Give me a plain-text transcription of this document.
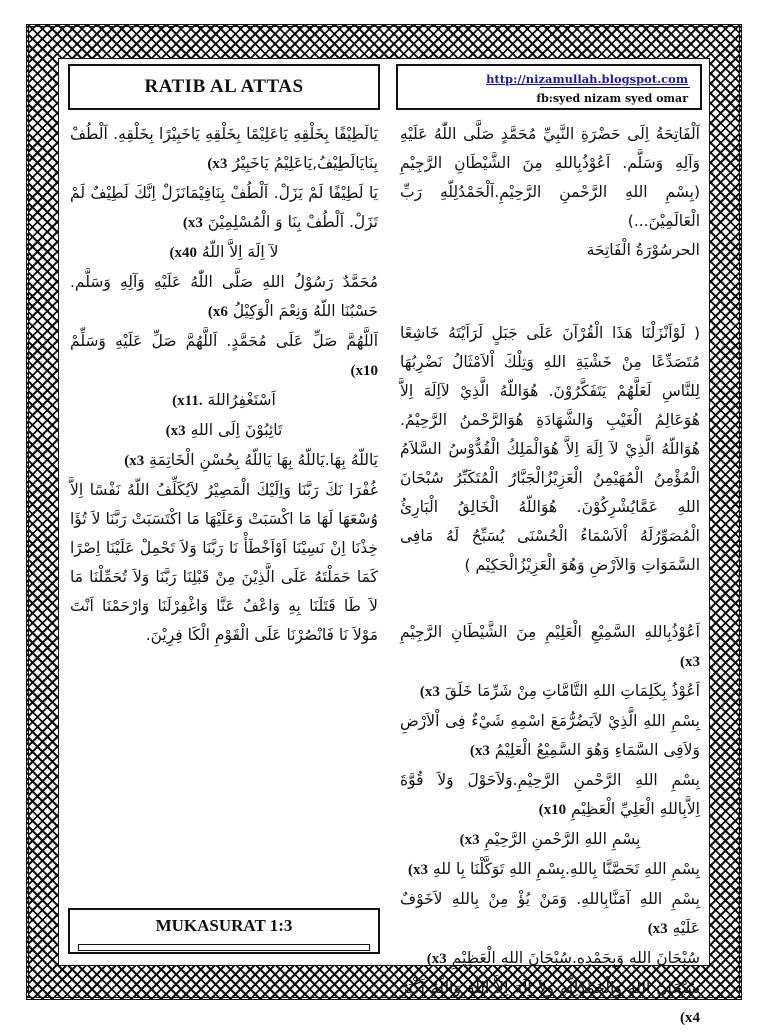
RATIB AL ATTAS	http://nizamullah.blogspot.com
fb:syed nizam syed omar

اَلْفَاتِحَةُ اِلَى حَضْرَةِ النَّبِيِّ مُحَمَّدٍ صَلَّى اللّٰهُ عَلَيْهِ وَآلِهِ وَسَلَّم. اَعُوْذُبِاللهِ مِنَ الشَّيْطَانِ الرَّجِيْمِ (بِسْمِ اللهِ الرَّحْمنِ الرَّحِيْمِ.اَلْحَمْدُلِلّهِ رَبِّ الْعَالَمِيْنَ...)

الحرسُوْرَةُ الْفَاتِحَة

( لَوْاَنْزَلْنَا هَذَا الْقُرْآنَ عَلَى جَبَلٍ لَرَاَيْتَهُ خَاشِعًا مُتَصَدِّعًا مِنْ خَشْيَةِ اللهِ وَتِلْكَ اْلاَمْثَالُ نَضْرِبُهَا لِلنَّاسِ لَعَلَّهُمْ يَتَفَكَّرُوْنَ. هُوَاللّهُ الَّذِيْ لآاِلَهَ اِلاَّ هُوَعَالِمُ الْغَيْبِ وَالشَّهَادَةِ هُوَالرَّحْمنُ الرَّحِيْمُ. هُوَاللّهُ الَّذِيْ لآ اِلَهَ اِلاَّ هُوَالْمَلِكُ الْقُدُّوْسُ السَّلاَمُ الْمُؤْمِنُ الْمُهَيْمِنُ الْعَزِيْزُالْجَبَّارُ الْمُتَكَبِّرُ سُبْحَانَ اللهِ عَمَّايُشْرِكُوْنَ. هُوَاللّهُ الْخَالِقُ الْبَارِئُ الْمُصَوِّرُلَهُ اْلاَسْمَاءُ الْحُسْنَى يُسَبِّحُ لَهُ مَافِى السَّمَوَاتِ وَالاَرْضِ وَهُوَ الْعَزِيْزُالْحَكِيْم )

اَعُوْذُبِاللهِ السَّمِيْعِ الْعَلِيْمِ مِنَ الشَّيْطَانِ الرَّجِيْمِ (x3

اَعُوْذُ بِكَلِمَاتِ اللهِ التَّامَّاتِ مِنْ شَرِّمَا خَلَقَ (x3

بِسْمِ اللهِ الَّذِيْ لاَيَضُرُّمَعَ اسْمِهِ شَيْءٌ فِى اْلاَرْضِ وَلاَفِى السَّمَاءِ وَهُوَ السَّمِيْعُ الْعَلِيْمُ (x3

بِسْمِ اللهِ الرَّحْمنِ الرَّحِيْمِ.وَلاَحَوْلَ وَلاَ قُوَّةَ اِلاَّبِاللهِ الْعَلِيِّ الْعَظِيْمِ (x10

بِسْمِ اللهِ الرَّحْمنِ الرَّحِيْمِ (x3

بِسْمِ اللهِ تَحَصَّنَّا بِاللهِ.بِسْمِ اللهِ تَوَكَّلْنَا بِا للهِ (x3

بِسْمِ اللهِ آمَنَّابِاللهِ. وَمَنْ يُؤْ مِنْ بِاللهِ لاَخَوْفٌ عَلَيْهِ (x3

سُبْحَانَ اللهِ وَبِحَمْدِهِ.سُبْحَانَ اللهِ الْعَظِيْمِ (x3

سُبْحَانَ اللهِ وَالْحَمْدُلِلّهِ وَلآ اِلَهَ اِلاَّ اللّهُ وَاللّهُ اَكْبَرُ (x4

يَالَطِيْفًا بِخَلْقِهِ يَاعَلِيْمًا بِخَلْقِهِ يَاخَبِيْرًا بِخَلْقِهِ. اَلْطُفْ بِنَايَالَطِيْفُ,يَاعَلِيْمُ يَاخَبِيْرُ (x3

يَا لَطِيْفًا لَمْ يَزَلْ. اَلْطُفْ بِنَافِيْمَانَزَلْ اِنَّكَ لَطِيْفٌ لَمْ تَزَلْ. اَلْطُفْ بِنَا وَ الْمُسْلِمِيْنَ (x3

لآ اِلَهَ اِلاَّ اللّهُ (x40

مُحَمَّدٌ رَسُوْلُ اللهِ صَلَّى اللّٰهُ عَلَيْهِ وَآلِهِ وَسَلَّم. حَسْبُنَا اللّهُ وَنِعْمَ الْوَكِيْلُ (x6

اَللَّهُمَّ صَلِّ عَلَى مُحَمَّدٍ. اَللَّهُمَّ صَلِّ عَلَيْهِ وَسَلِّمْ (x10

اَسْتَغْفِرُاللهَ (x11.

تَائِبُوْنَ اِلَى اللهِ (x3

يَاللّهُ بِهَا.يَاللّهُ بِهَا يَاللّهُ بِحُسْنِ الْخَاتِمَةِ (x3

غُفْرَا نَكَ رَبَّنَا وَاِلَيْكَ الْمَصِيْرُ لاَيُكَلِّفُ اللّهُ نَفْسًا اِلاَّ وُسْعَهَا لَهَا مَا اكْسَبَتْ وَعَلَيْهَا مَا اكْتَسَبَتْ رَبَّنَا لاَ تُؤَا خِذْنَا اِنْ نَسِيْنَا اَوْاَخْطَأْ نَا رَبَّنَا وَلاَ تَحْمِلْ عَلَيْنَا اِصْرًا كَمَا حَمَلْتَهُ عَلَى الَّذِيْنَ مِنْ قَبْلِنَا رَبَّنَا وَلاَ تُحَمِّلْنَا مَا لاَ طَا قَتَلَنَا بِهِ وَاعْفُ عَنَّا وَاغْفِرْلَنَا وَارْحَمْنَا اَنْتَ مَوْلاَ نَا فَانْصُرْنَا عَلَى الْقَوْمِ الْكَا فِرِيْنَ.

MUKASURAT 1:3
